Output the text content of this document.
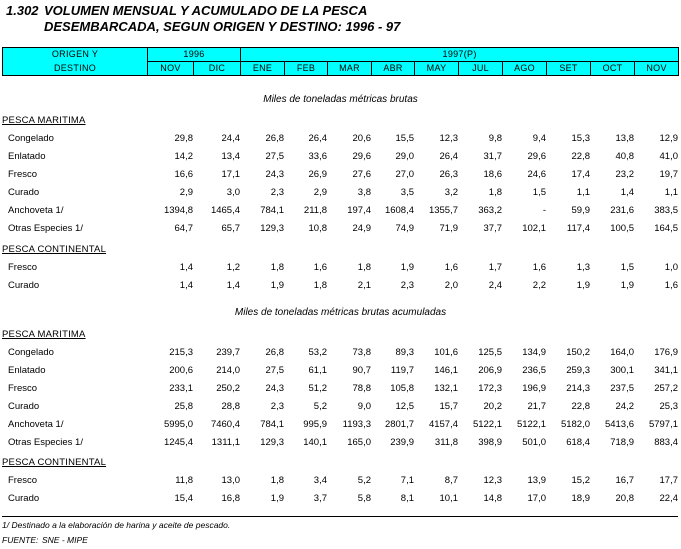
1.302 VOLUMEN MENSUAL Y ACUMULADO DE LA PESCA
DESEMBARCADA, SEGUN ORIGEN Y DESTINO: 1996 - 97
ORIGEN Y	1996		1997(P)									
DESTINO	NOV	DIC	ENE	FEB	MAR	ABR	MAY	JUL	AGO	SET	OCT	NOV
Miles de toneladas métricas brutas
PESCA MARITIMA
Congelado	29,8	24,4	26,8	26,4	20,6	15,5	12,3	9,8	9,4	15,3	13,8	12,9
Enlatado	14,2	13,4	27,5	33,6	29,6	29,0	26,4	31,7	29,6	22,8	40,8	41,0
Fresco	16,6	17,1	24,3	26,9	27,6	27,0	26,3	18,6	24,6	17,4	23,2	19,7
Curado	2,9	3,0	2,3	2,9	3,8	3,5	3,2	1,8	1,5	1,1	1,4	1,1
Anchoveta 1/	1394,8	1465,4	784,1	211,8	197,4	1608,4	1355,7	363,2	-	59,9	231,6	383,5
Otras Especies 1/	64,7	65,7	129,3	10,8	24,9	74,9	71,9	37,7	102,1	117,4	100,5	164,5
PESCA CONTINENTAL
Fresco	1,4	1,2	1,8	1,6	1,8	1,9	1,6	1,7	1,6	1,3	1,5	1,0
Curado	1,4	1,4	1,9	1,8	2,1	2,3	2,0	2,4	2,2	1,9	1,9	1,6
Miles de toneladas métricas brutas acumuladas
PESCA MARITIMA
Congelado	215,3	239,7	26,8	53,2	73,8	89,3	101,6	125,5	134,9	150,2	164,0	176,9
Enlatado	200,6	214,0	27,5	61,1	90,7	119,7	146,1	206,9	236,5	259,3	300,1	341,1
Fresco	233,1	250,2	24,3	51,2	78,8	105,8	132,1	172,3	196,9	214,3	237,5	257,2
Curado	25,8	28,8	2,3	5,2	9,0	12,5	15,7	20,2	21,7	22,8	24,2	25,3
Anchoveta 1/	5995,0	7460,4	784,1	995,9	1193,3	2801,7	4157,4	5122,1	5122,1	5182,0	5413,6	5797,1
Otras Especies 1/	1245,4	1311,1	129,3	140,1	165,0	239,9	311,8	398,9	501,0	618,4	718,9	883,4
PESCA CONTINENTAL
Fresco	11,8	13,0	1,8	3,4	5,2	7,1	8,7	12,3	13,9	15,2	16,7	17,7
Curado	15,4	16,8	1,9	3,7	5,8	8,1	10,1	14,8	17,0	18,9	20,8	22,4
1/ Destinado a la elaboración de harina y aceite de pescado.
FUENTE: SNE - MIPE
